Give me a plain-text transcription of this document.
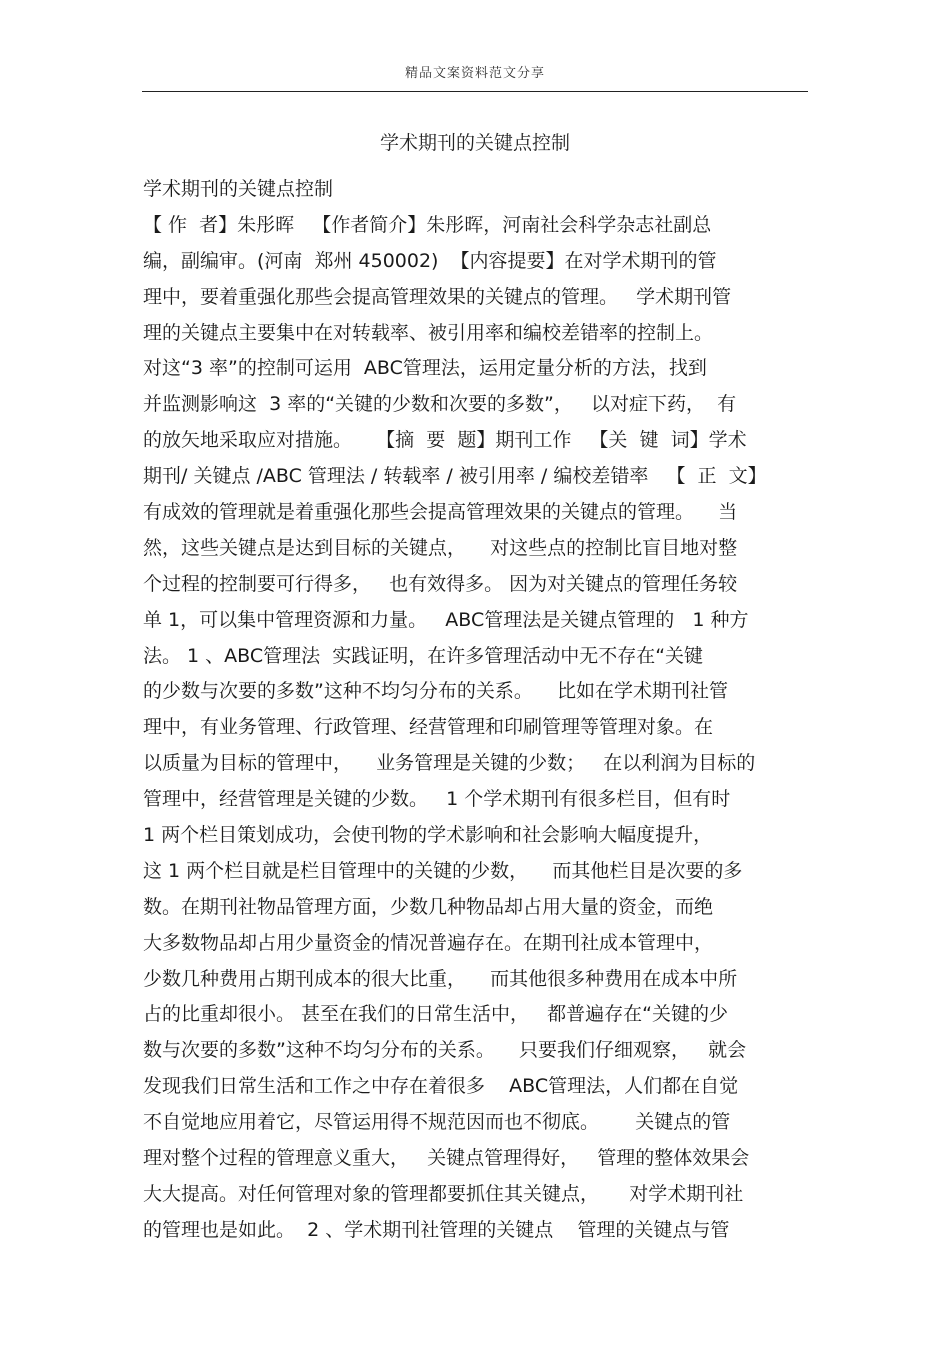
精品文案资料范文分享
学术期刊的关键点控制
学术期刊的关键点控制
【 作  者】朱彤晖   【作者简介】朱彤晖，河南社会科学杂志社副总
编，副编审。(河南  郑州 450002)  【内容提要】在对学术期刊的管
理中，要着重强化那些会提高管理效果的关键点的管理。   学术期刊管
理的关键点主要集中在对转载率、被引用率和编校差错率的控制上。
对这“3 率”的控制可运用  ABC管理法，运用定量分析的方法，找到
并监测影响这  3 率的“关键的少数和次要的多数”，   以对症下药，  有
的放矢地采取应对措施。    【摘  要  题】期刊工作   【关  键  词】学术
期刊/ 关键点 /ABC 管理法 / 转载率 / 被引用率 / 编校差错率   【  正  文】
有成效的管理就是着重强化那些会提高管理效果的关键点的管理。    当
然，这些关键点是达到目标的关键点，    对这些点的控制比盲目地对整
个过程的控制要可行得多，   也有效得多。 因为对关键点的管理任务较
单 1，可以集中管理资源和力量。   ABC管理法是关键点管理的   1 种方
法。 1 、ABC管理法  实践证明，在许多管理活动中无不存在“关键
的少数与次要的多数”这种不均匀分布的关系。    比如在学术期刊社管
理中，有业务管理、行政管理、经营管理和印刷管理等管理对象。在
以质量为目标的管理中，    业务管理是关键的少数；   在以利润为目标的
管理中，经营管理是关键的少数。   1 个学术期刊有很多栏目，但有时
1 两个栏目策划成功，会使刊物的学术影响和社会影响大幅度提升，
这 1 两个栏目就是栏目管理中的关键的少数，    而其他栏目是次要的多
数。在期刊社物品管理方面，少数几种物品却占用大量的资金，而绝
大多数物品却占用少量资金的情况普遍存在。在期刊社成本管理中，
少数几种费用占期刊成本的很大比重，    而其他很多种费用在成本中所
占的比重却很小。 甚至在我们的日常生活中，   都普遍存在“关键的少
数与次要的多数”这种不均匀分布的关系。    只要我们仔细观察，   就会
发现我们日常生活和工作之中存在着很多    ABC管理法，人们都在自觉
不自觉地应用着它，尽管运用得不规范因而也不彻底。      关键点的管
理对整个过程的管理意义重大，   关键点管理得好，   管理的整体效果会
大大提高。对任何管理对象的管理都要抓住其关键点，     对学术期刊社
的管理也是如此。  2 、学术期刊社管理的关键点    管理的关键点与管
